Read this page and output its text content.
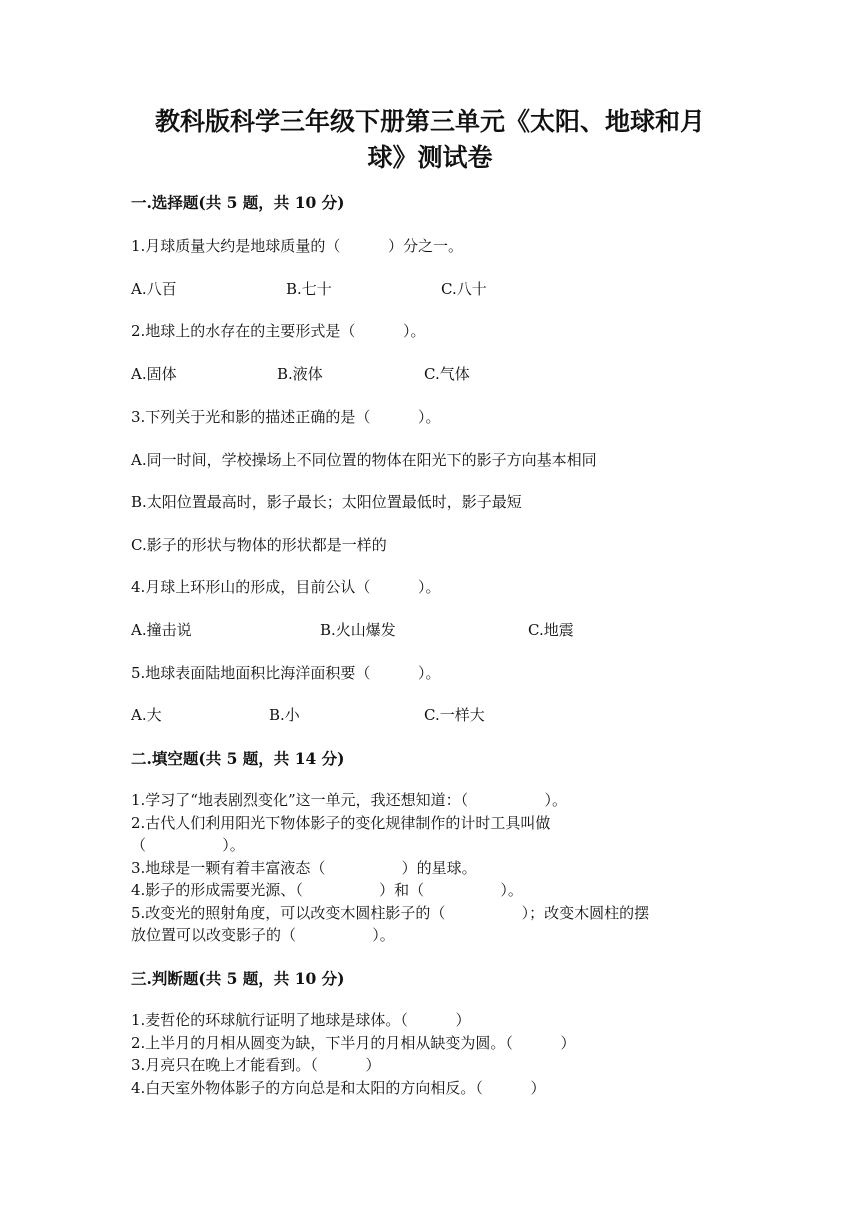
教科版科学三年级下册第三单元《太阳、地球和月
球》测试卷
一.选择题(共 5 题，共 10 分)
1.月球质量大约是地球质量的（          ）分之一。
A.八百	B.七十	C.八十
2.地球上的水存在的主要形式是（          ）。
A.固体	B.液体	C.气体
3.下列关于光和影的描述正确的是（          ）。
A.同一时间，学校操场上不同位置的物体在阳光下的影子方向基本相同
B.太阳位置最高时，影子最长；太阳位置最低时，影子最短
C.影子的形状与物体的形状都是一样的
4.月球上环形山的形成，目前公认（          ）。
A.撞击说	B.火山爆发	C.地震
5.地球表面陆地面积比海洋面积要（          ）。
A.大	B.小	C.一样大
二.填空题(共 5 题，共 14 分)
1.学习了“地表剧烈变化”这一单元，我还想知道：（                ）。
2.古代人们利用阳光下物体影子的变化规律制作的计时工具叫做
（                ）。
3.地球是一颗有着丰富液态（                ）的星球。
4.影子的形成需要光源、（                ）和（                ）。
5.改变光的照射角度，可以改变木圆柱影子的（                ）；改变木圆柱的摆
放位置可以改变影子的（                ）。
三.判断题(共 5 题，共 10 分)
1.麦哲伦的环球航行证明了地球是球体。（          ）
2.上半月的月相从圆变为缺，下半月的月相从缺变为圆。（          ）
3.月亮只在晚上才能看到。（          ）
4.白天室外物体影子的方向总是和太阳的方向相反。（          ）
